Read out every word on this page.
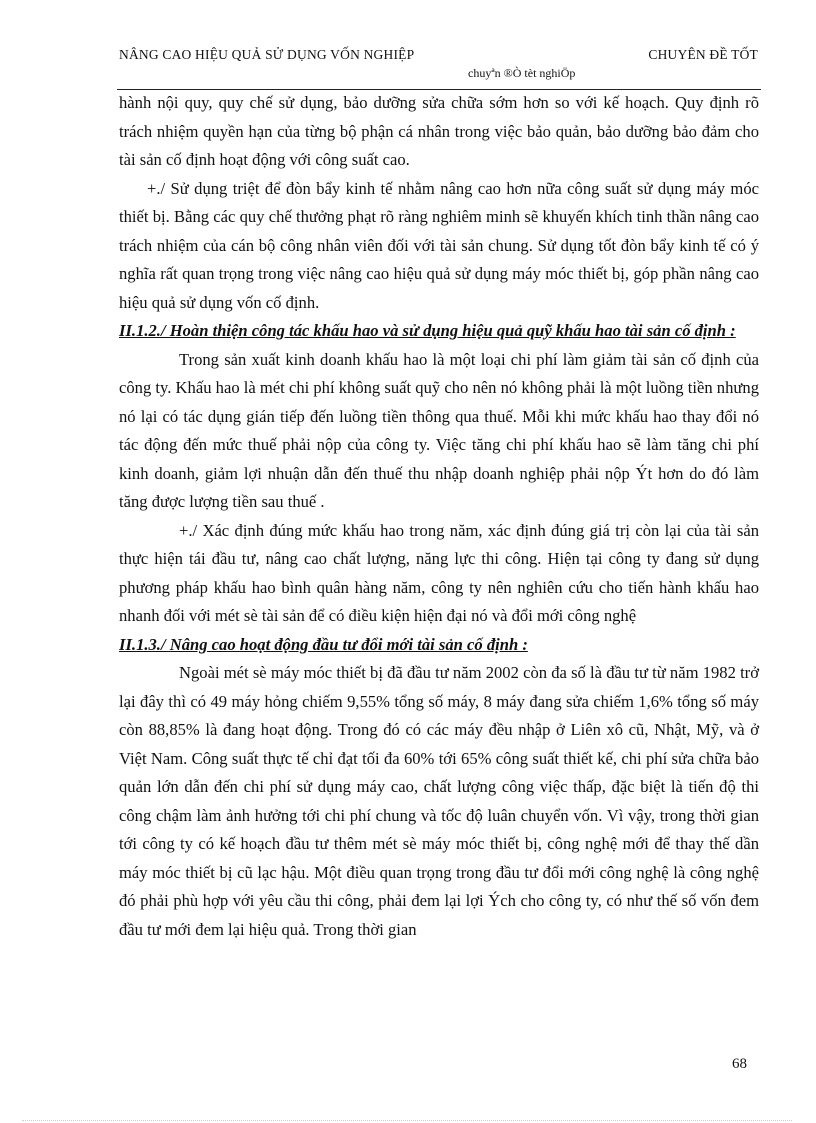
NÂNG CAO HIỆU QUẢ SỬ DỤNG VỐN NGHIỆP	CHUYÊN ĐỀ TỐT
chuyªn ®Ò tèt nghiÖp

hành nội quy, quy chế sử dụng, bảo dưỡng sửa chữa sớm hơn so với kế hoạch. Quy định rõ trách nhiệm quyền hạn của từng bộ phận cá nhân trong việc bảo quản, bảo dưỡng bảo đảm cho tài sản cố định hoạt động với công suất cao.

+./ Sử dụng triệt để đòn bẩy kinh tế nhằm nâng cao hơn nữa công suất sử dụng máy móc thiết bị. Bằng các quy chế thưởng phạt rõ ràng nghiêm minh sẽ khuyến khích tinh thần nâng cao trách nhiệm của cán bộ công nhân viên đối với tài sản chung. Sử dụng tốt đòn bẩy kinh tế có ý nghĩa rất quan trọng trong việc nâng cao hiệu quả sử dụng máy móc thiết bị, góp phần nâng cao hiệu quả sử dụng vốn cố định.

II.1.2./ Hoàn thiện công tác khấu hao và sử dụng hiệu quả quỹ khấu hao tài sản cố định :

Trong sản xuất kinh doanh khấu hao là một loại chi phí làm giảm tài sản cố định của công ty. Khấu hao là mét chi phí không suất quỹ cho nên nó không phải là một luồng tiền nhưng nó lại có tác dụng gián tiếp đến luồng tiền thông qua thuế. Mỗi khi mức khấu hao thay đổi nó tác động đến mức thuế phải nộp của công ty. Việc tăng chi phí khấu hao sẽ làm tăng chi phí kinh doanh, giảm lợi nhuận dẫn đến thuế thu nhập doanh nghiệp phải nộp Ýt hơn do đó làm tăng được lượng tiền sau thuế .

+./ Xác định đúng mức khấu hao trong năm, xác định đúng giá trị còn lại của tài sản thực hiện tái đầu tư, nâng cao chất lượng, năng lực thi công. Hiện tại công ty đang sử dụng phương pháp khấu hao bình quân hàng năm, công ty nên nghiên cứu cho tiến hành khấu hao nhanh đối với mét sè tài sản để có điều kiện hiện đại nó và đổi mới công nghệ

II.1.3./ Nâng cao hoạt động đầu tư đổi mới tài sản cố định :

Ngoài mét sè máy móc thiết bị đã đầu tư năm 2002 còn đa số là đầu tư từ năm 1982 trở lại đây thì có 49 máy hỏng chiếm 9,55% tổng số máy, 8 máy đang sửa chiếm 1,6% tổng số máy còn 88,85% là đang hoạt động. Trong đó có các máy đều nhập ở Liên xô cũ, Nhật, Mỹ, và ở Việt Nam. Công suất thực tế chỉ đạt tối đa 60% tới 65% công suất thiết kế, chi phí sửa chữa bảo quản lớn dẫn đến chi phí sử dụng máy cao, chất lượng công việc thấp, đặc biệt là tiến độ thi công chậm làm ảnh hưởng tới chi phí chung và tốc độ luân chuyển vốn. Vì vậy, trong thời gian tới công ty có kế hoạch đầu tư thêm mét sè máy móc thiết bị, công nghệ mới để thay thế dần máy móc thiết bị cũ lạc hậu. Một điều quan trọng trong đầu tư đổi mới công nghệ là công nghệ đó phải phù hợp với yêu cầu thi công, phải đem lại lợi Ých cho công ty, có như thế số vốn đem đầu tư mới đem lại hiệu quả. Trong thời gian

68
